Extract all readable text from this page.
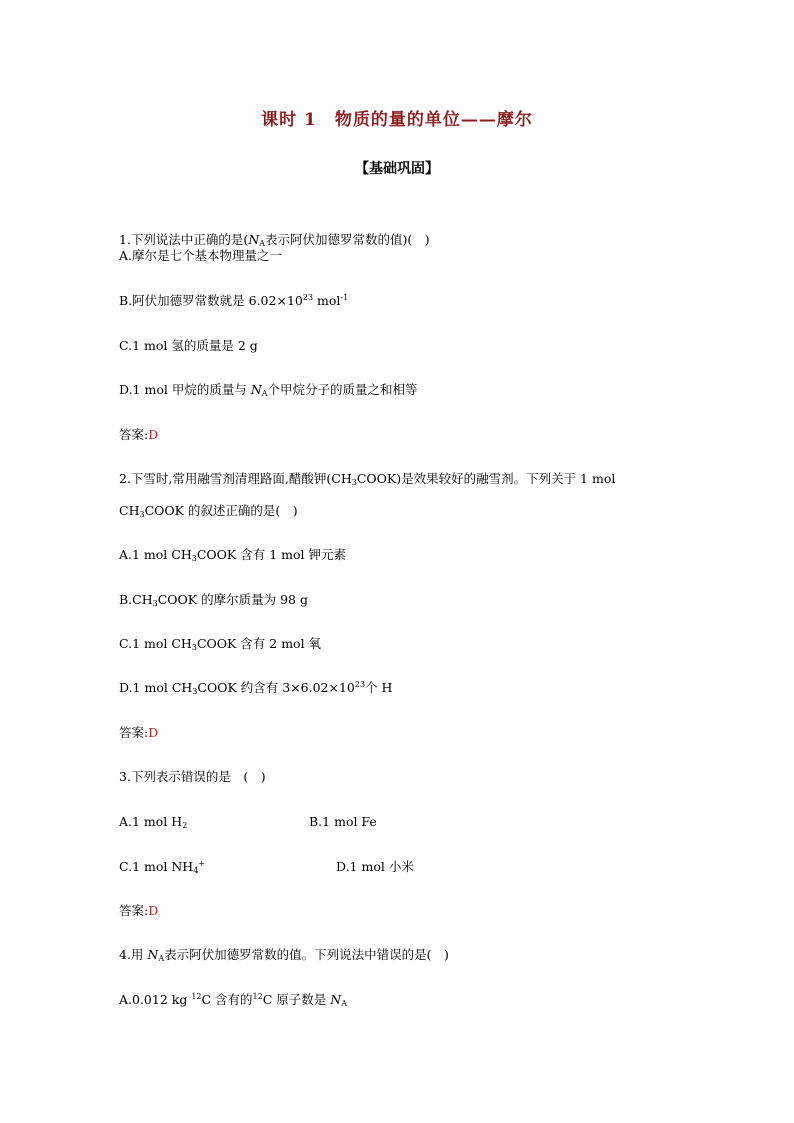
课时 1 物质的量的单位——摩尔
【基础巩固】
1.下列说法中正确的是($N_A$表示阿伏加德罗常数的值)(　)
A.摩尔是七个基本物理量之一
B.阿伏加德罗常数就是 $6.02\times 10^{23}$ mol$^{-1}$
C.1 mol 氢的质量是 2 g
D.1 mol 甲烷的质量与 $N_A$个甲烷分子的质量之和相等
答案:D
2.下雪时,常用融雪剂清理路面,醋酸钾$(CH_3COOK)$是效果较好的融雪剂。下列关于 1 mol
$CH_3COOK$ 的叙述正确的是(　)
A.1 mol $CH_3COOK$ 含有 1 mol 钾元素
$B.CH_3COOK$ 的摩尔质量为 98 g
C.1 mol $CH_3COOK$ 含有 2 mol 氧
D.1 mol $CH_3COOK$ 约含有 $3\times 6.02\times 10^{23}$个 H
答案:D
3.下列表示错误的是　(　)
A.1 mol $H_2$	B.1 mol Fe
C.1 mol $NH_4^+$	D.1 mol 小米
答案:D
4.用 $N_A$表示阿伏加德罗常数的值。下列说法中错误的是(　)
A.0.012 kg $^{12}$C 含有的$^{12}$C 原子数是 $N_A$
